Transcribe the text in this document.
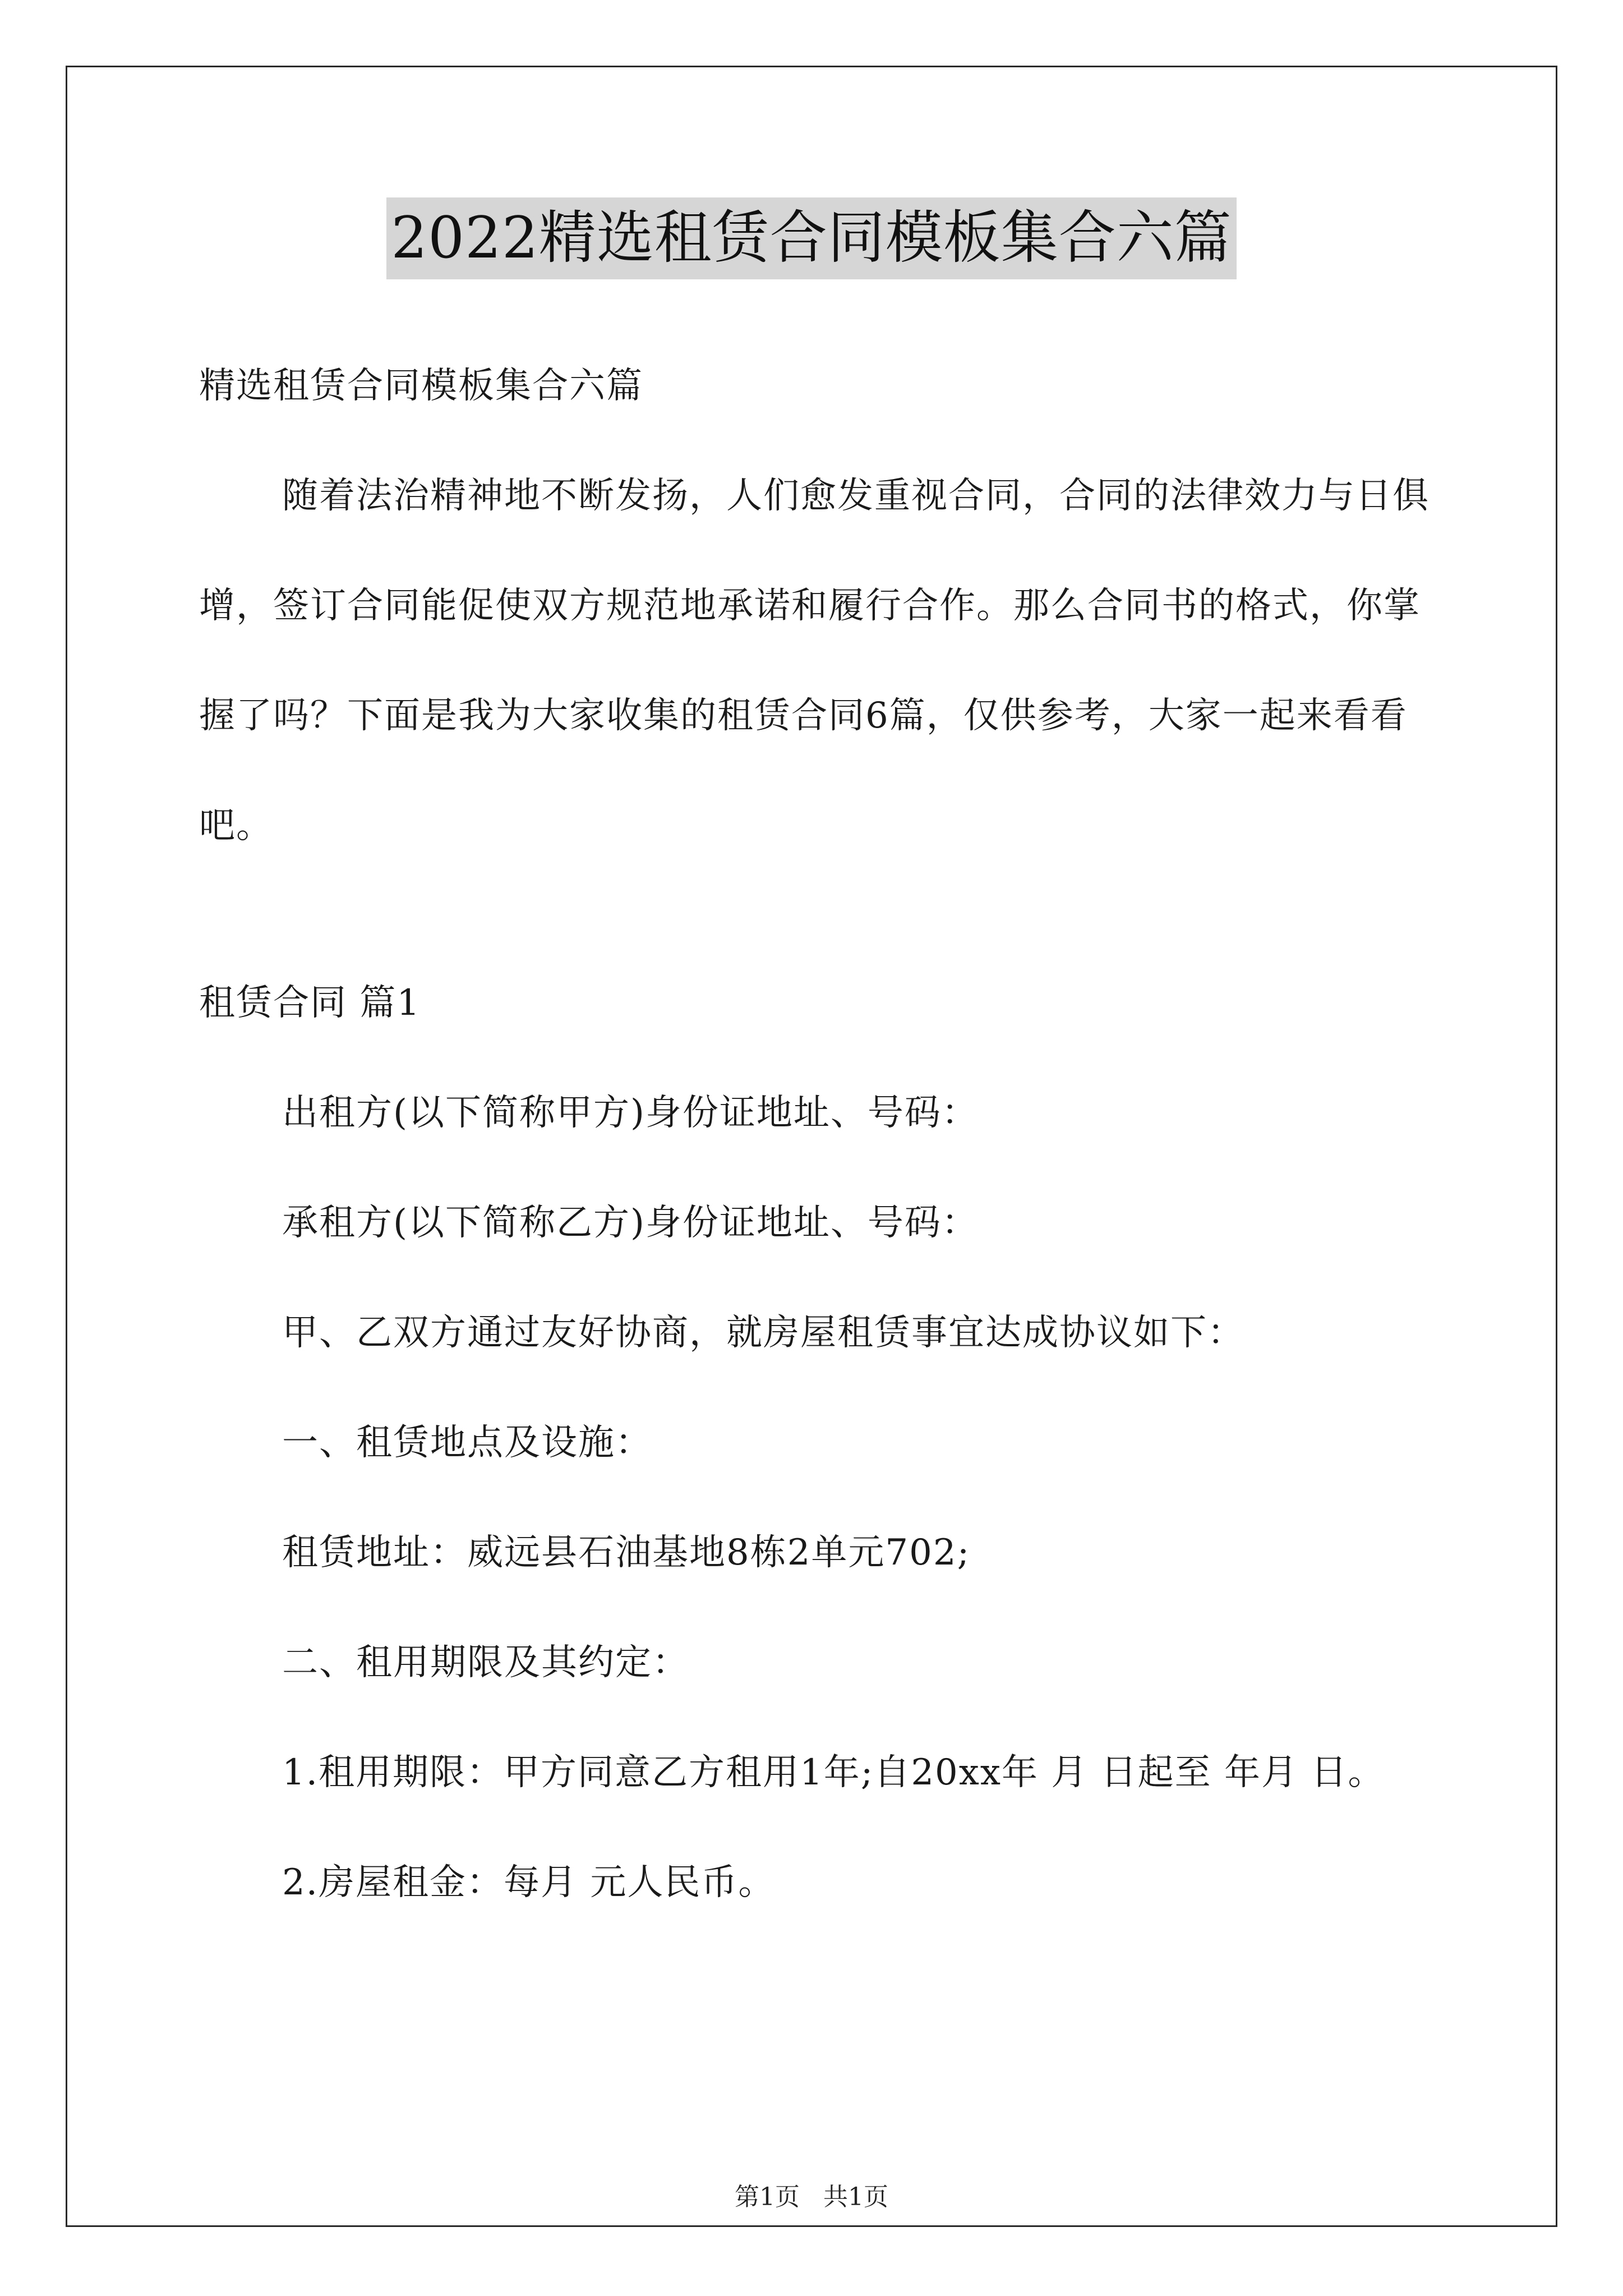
2022精选租赁合同模板集合六篇

精选租赁合同模板集合六篇

随着法治精神地不断发扬，人们愈发重视合同，合同的法律效力与日俱增，签订合同能促使双方规范地承诺和履行合作。那么合同书的格式，你掌握了吗？下面是我为大家收集的租赁合同6篇，仅供参考，大家一起来看看吧。

租赁合同 篇1

出租方(以下简称甲方)身份证地址、号码：

承租方(以下简称乙方)身份证地址、号码：

甲、乙双方通过友好协商，就房屋租赁事宜达成协议如下：

一、租赁地点及设施：

租赁地址：威远县石油基地8栋2单元702;

二、租用期限及其约定：

1.租用期限：甲方同意乙方租用1年;自20xx年 月 日起至 年月 日。

2.房屋租金：每月 元人民币。

第1页 共1页
